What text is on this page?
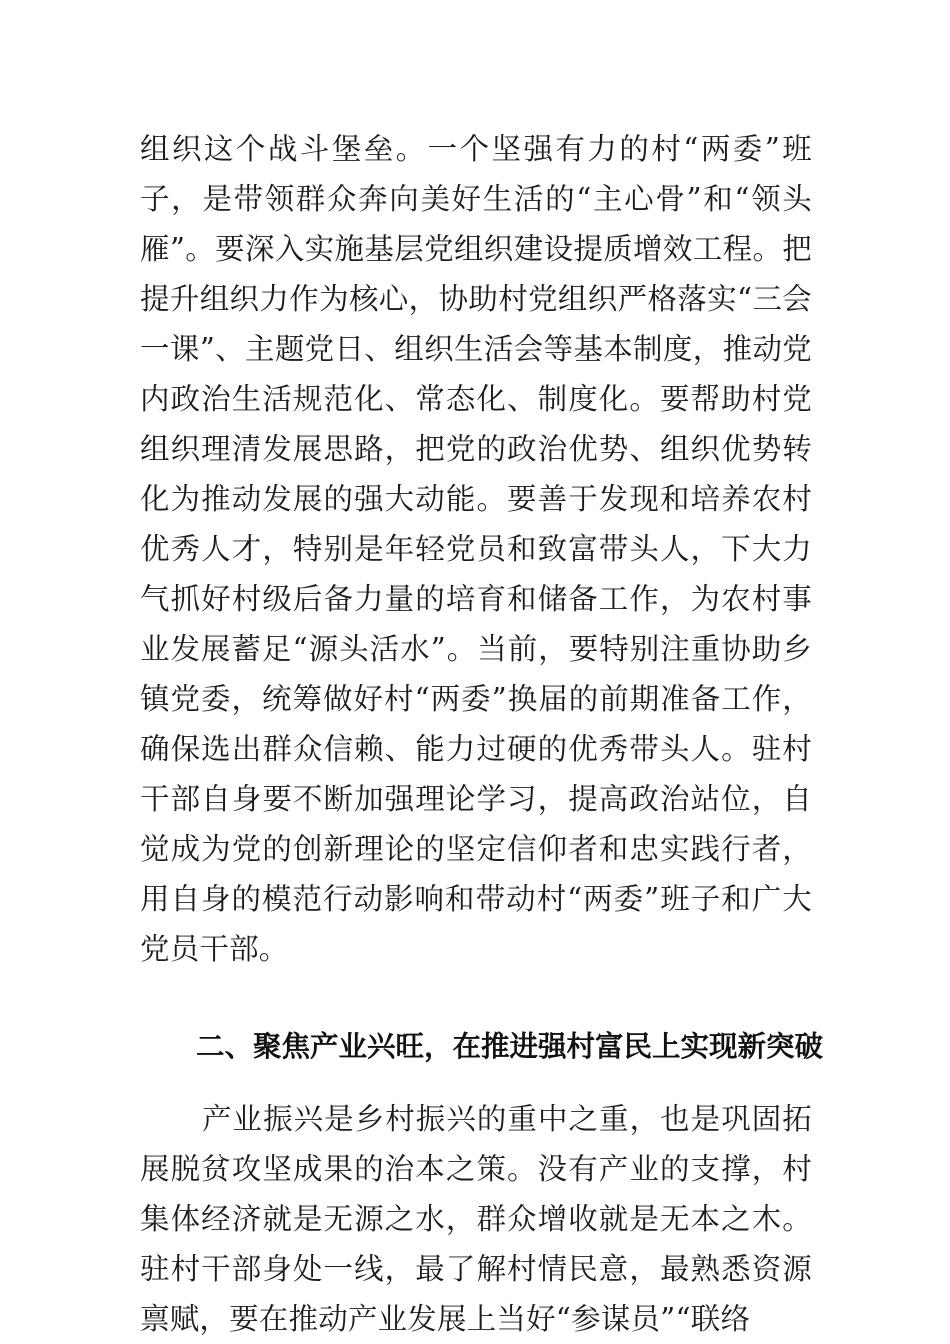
组织这个战斗堡垒。一个坚强有力的村“两委”班子，是带领群众奔向美好生活的“主心骨”和“领头雁”。要深入实施基层党组织建设提质增效工程。把提升组织力作为核心，协助村党组织严格落实“三会一课”、主题党日、组织生活会等基本制度，推动党内政治生活规范化、常态化、制度化。要帮助村党组织理清发展思路，把党的政治优势、组织优势转化为推动发展的强大动能。要善于发现和培养农村优秀人才，特别是年轻党员和致富带头人，下大力气抓好村级后备力量的培育和储备工作，为农村事业发展蓄足“源头活水”。当前，要特别注重协助乡镇党委，统筹做好村“两委”换届的前期准备工作，确保选出群众信赖、能力过硬的优秀带头人。驻村干部自身要不断加强理论学习，提高政治站位，自觉成为党的创新理论的坚定信仰者和忠实践行者，用自身的模范行动影响和带动村“两委”班子和广大党员干部。

二、聚焦产业兴旺，在推进强村富民上实现新突破

产业振兴是乡村振兴的重中之重，也是巩固拓展脱贫攻坚成果的治本之策。没有产业的支撑，村集体经济就是无源之水，群众增收就是无本之木。驻村干部身处一线，最了解村情民意，最熟悉资源禀赋，要在推动产业发展上当好“参谋员”“联络
